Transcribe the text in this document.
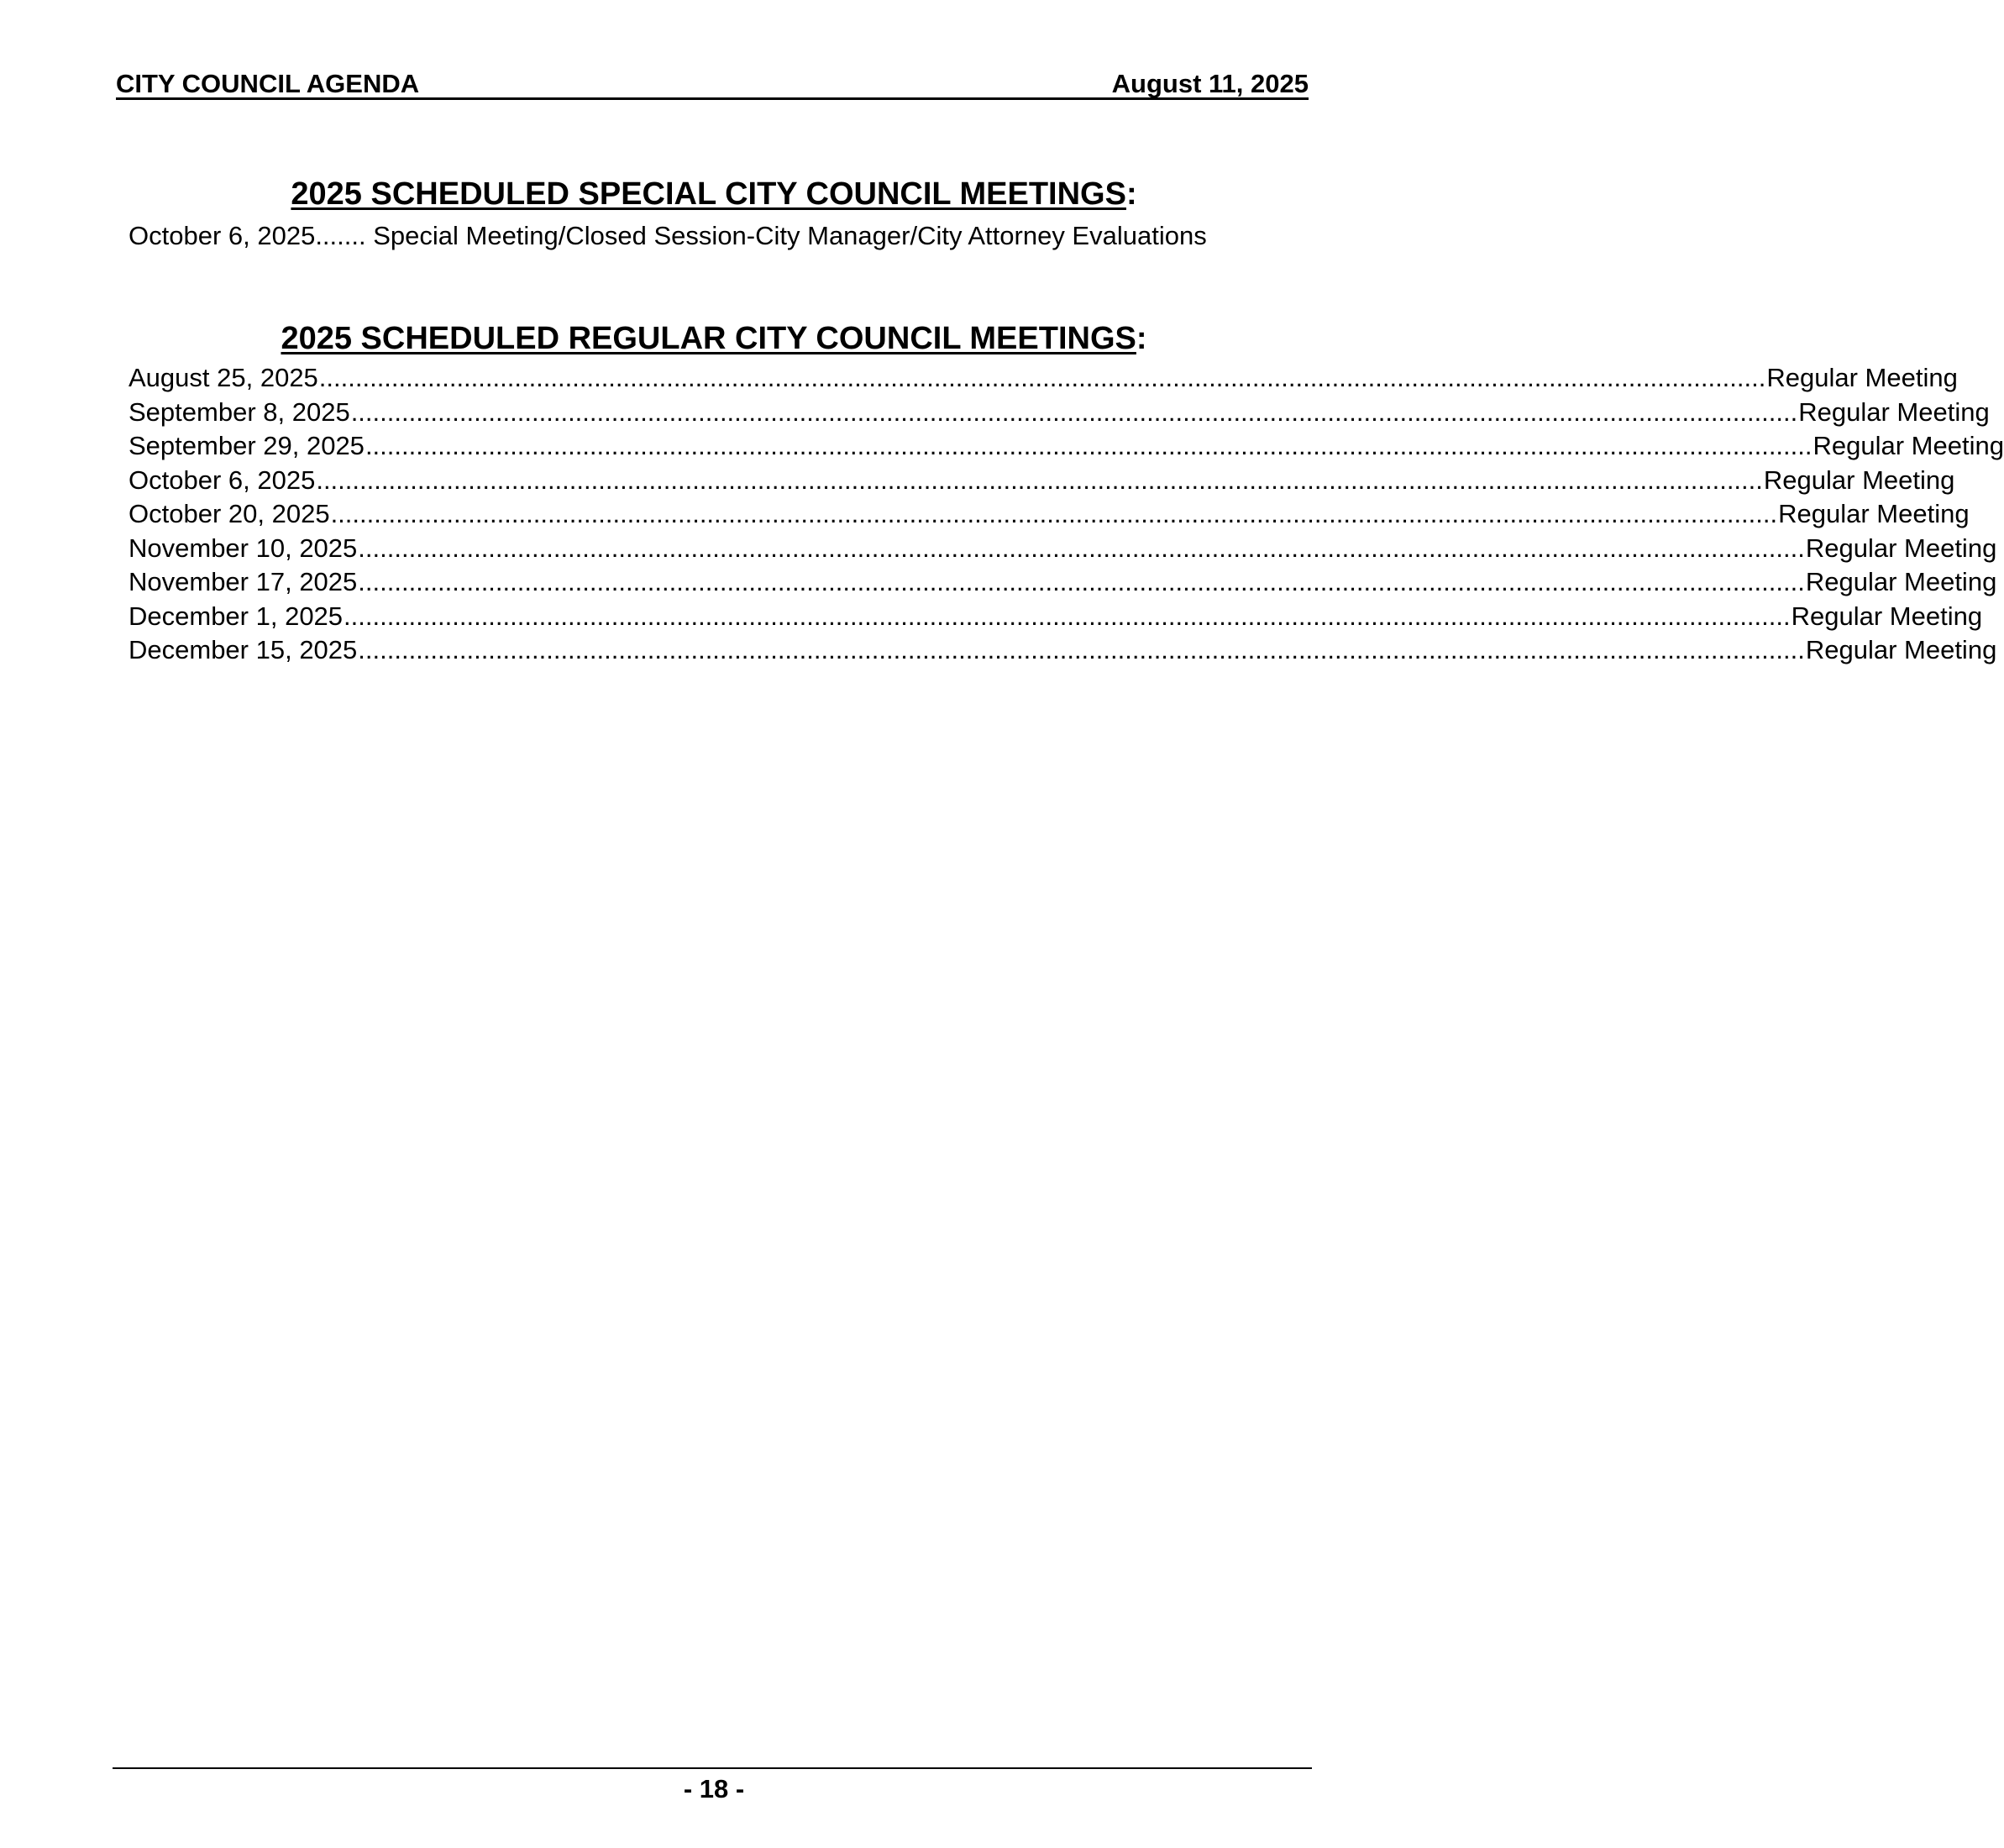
CITY COUNCIL AGENDA	August 11, 2025
2025 SCHEDULED SPECIAL CITY COUNCIL MEETINGS:
October 6, 2025....... Special Meeting/Closed Session-City Manager/City Attorney Evaluations
2025 SCHEDULED REGULAR CITY COUNCIL MEETINGS:
August 25, 2025 ........................................................................................................................................................................................................ Regular Meeting
September 8, 2025 ........................................................................................................................................................................................................ Regular Meeting
September 29, 2025 ........................................................................................................................................................................................................ Regular Meeting
October 6, 2025 ........................................................................................................................................................................................................ Regular Meeting
October 20, 2025 ........................................................................................................................................................................................................ Regular Meeting
November 10, 2025 ........................................................................................................................................................................................................ Regular Meeting
November 17, 2025 ........................................................................................................................................................................................................ Regular Meeting
December 1, 2025 ........................................................................................................................................................................................................ Regular Meeting
December 15, 2025 ........................................................................................................................................................................................................ Regular Meeting
- 18 -
